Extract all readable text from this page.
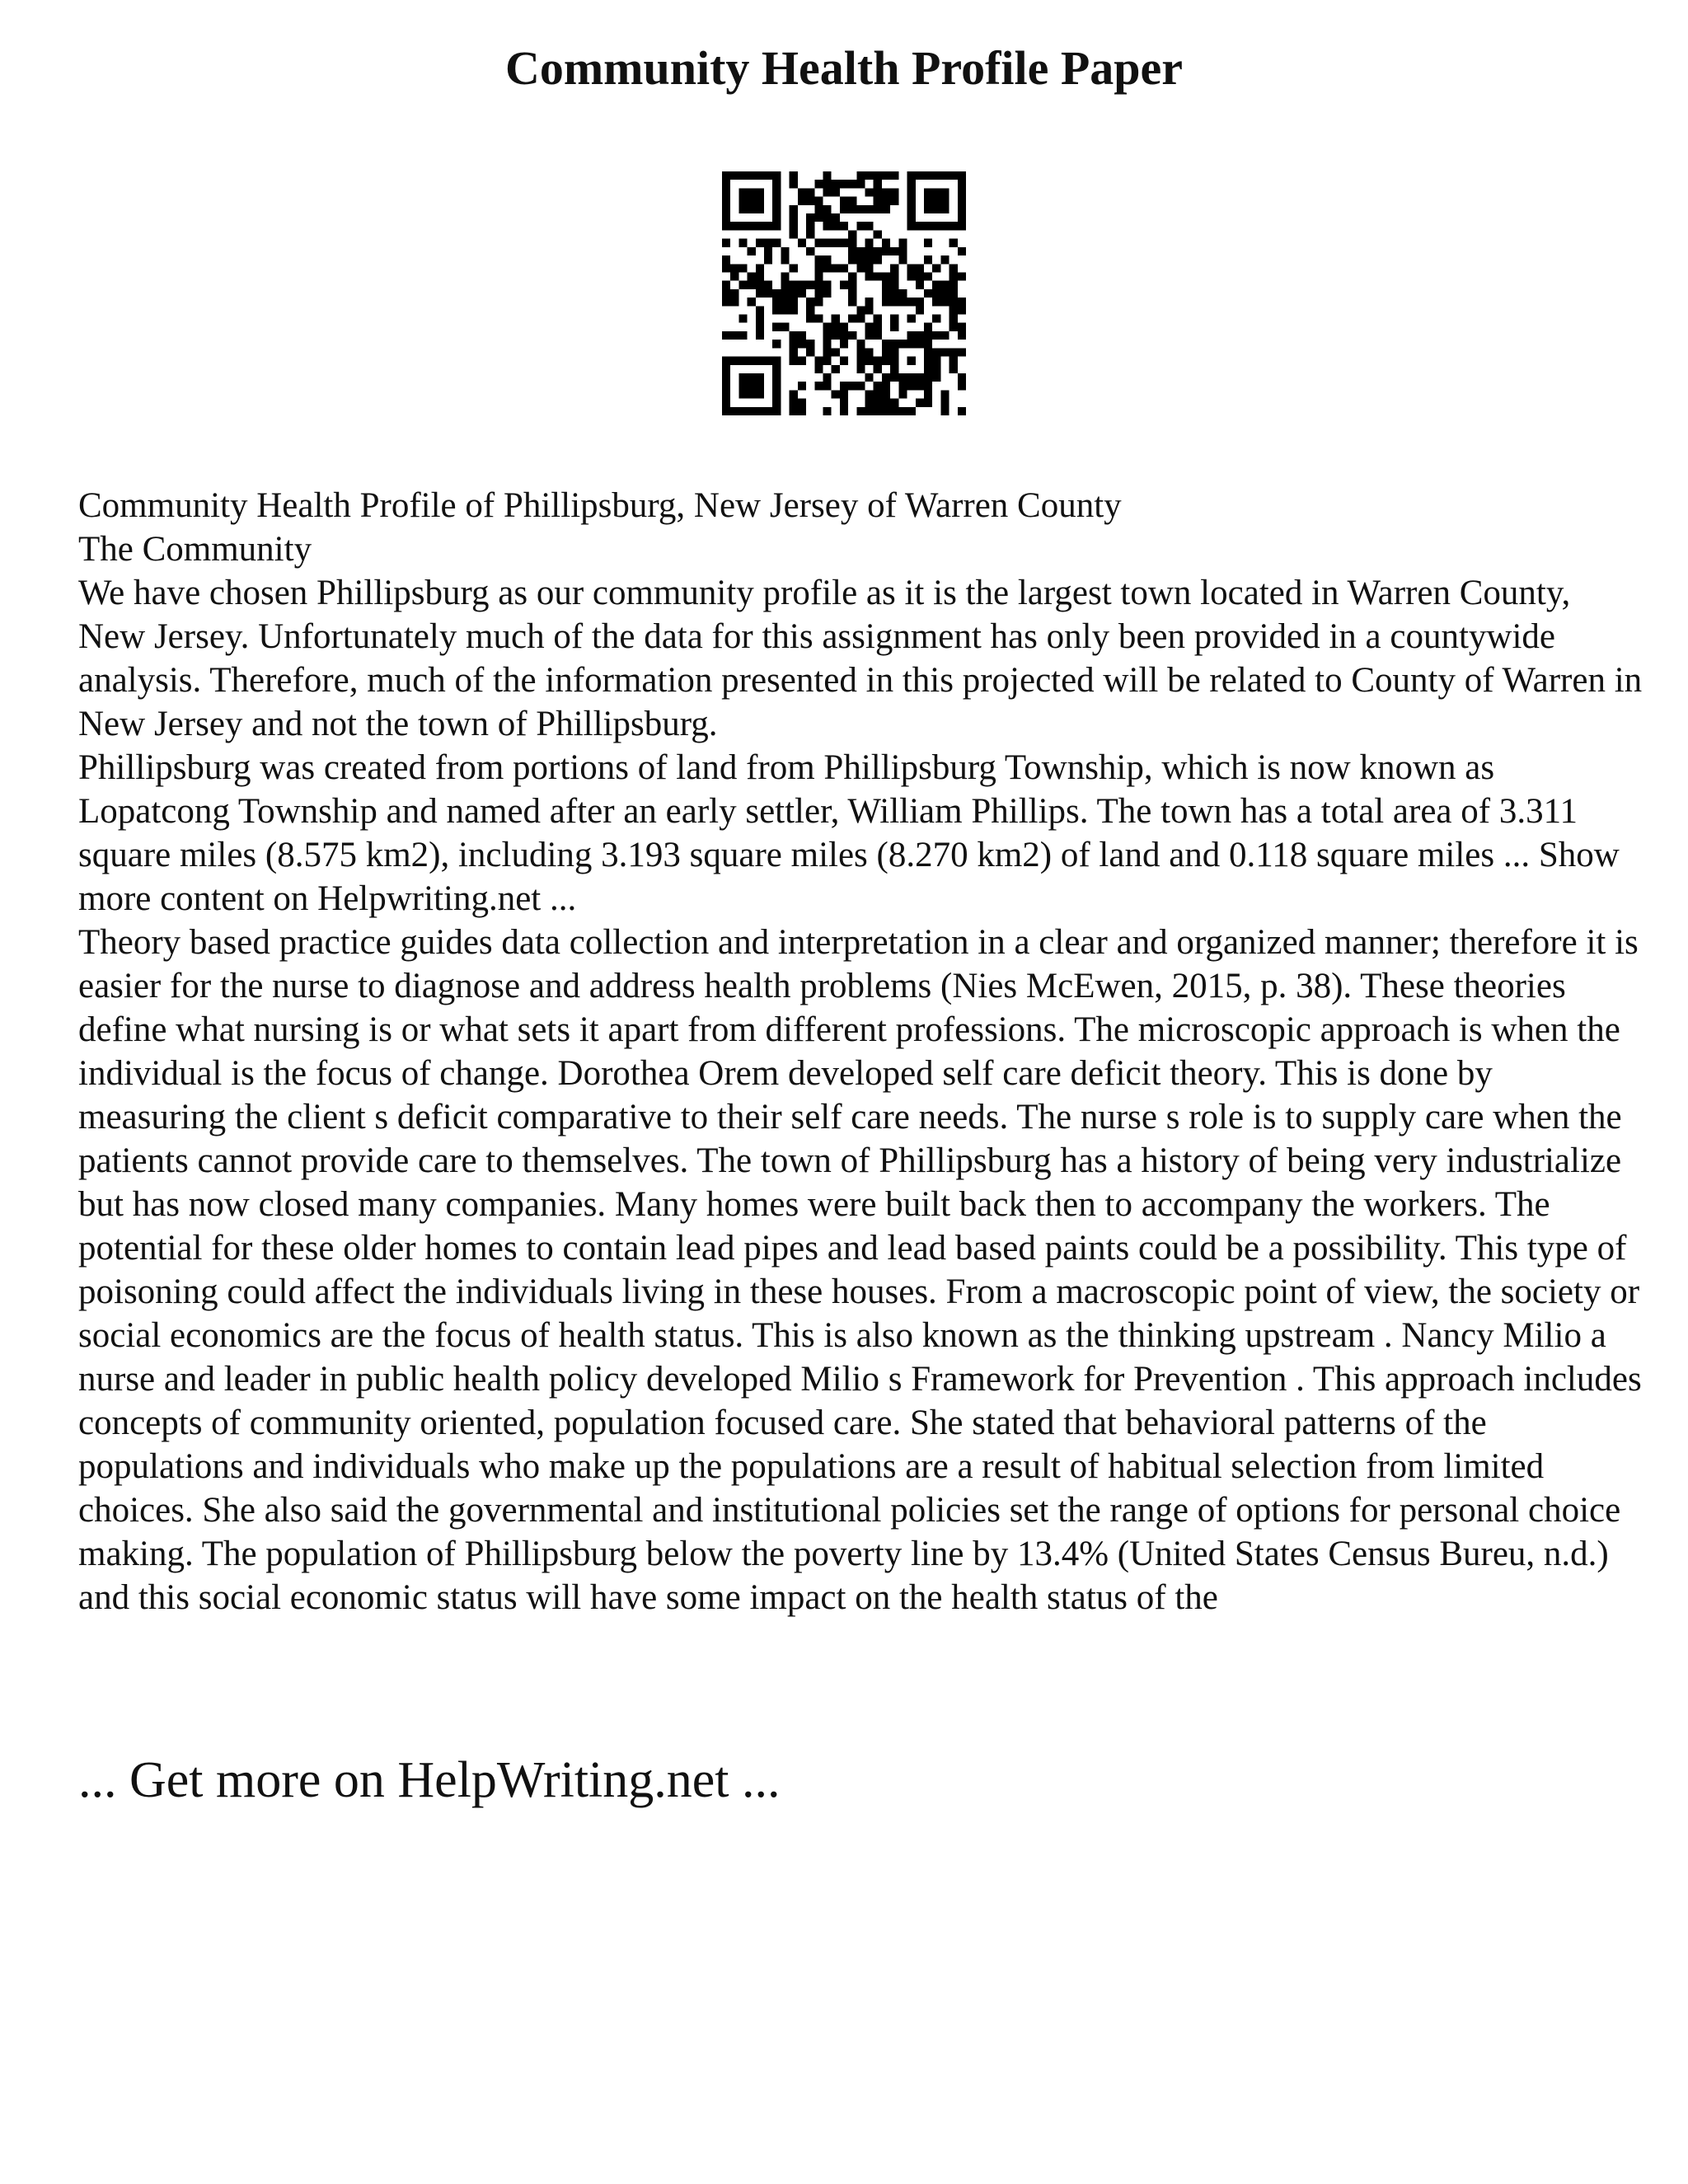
Community Health Profile Paper

Community Health Profile of Phillipsburg, New Jersey of Warren County

The Community

We have chosen Phillipsburg as our community profile as it is the largest town located in Warren County, New Jersey. Unfortunately much of the data for this assignment has only been provided in a countywide analysis. Therefore, much of the information presented in this projected will be related to County of Warren in New Jersey and not the town of Phillipsburg.

Phillipsburg was created from portions of land from Phillipsburg Township, which is now known as Lopatcong Township and named after an early settler, William Phillips. The town has a total area of 3.311 square miles (8.575 km2), including 3.193 square miles (8.270 km2) of land and 0.118 square miles ... Show more content on Helpwriting.net ...

Theory based practice guides data collection and interpretation in a clear and organized manner; therefore it is easier for the nurse to diagnose and address health problems (Nies McEwen, 2015, p. 38). These theories define what nursing is or what sets it apart from different professions. The microscopic approach is when the individual is the focus of change. Dorothea Orem developed self care deficit theory. This is done by measuring the client s deficit comparative to their self care needs. The nurse s role is to supply care when the patients cannot provide care to themselves. The town of Phillipsburg has a history of being very industrialize but has now closed many companies. Many homes were built back then to accompany the workers. The potential for these older homes to contain lead pipes and lead based paints could be a possibility. This type of poisoning could affect the individuals living in these houses. From a macroscopic point of view, the society or social economics are the focus of health status. This is also known as the thinking upstream . Nancy Milio a nurse and leader in public health policy developed Milio s Framework for Prevention . This approach includes concepts of community oriented, population focused care. She stated that behavioral patterns of the populations and individuals who make up the populations are a result of habitual selection from limited choices. She also said the governmental and institutional policies set the range of options for personal choice making. The population of Phillipsburg below the poverty line by 13.4% (United States Census Bureu, n.d.) and this social economic status will have some impact on the health status of the

... Get more on HelpWriting.net ...
